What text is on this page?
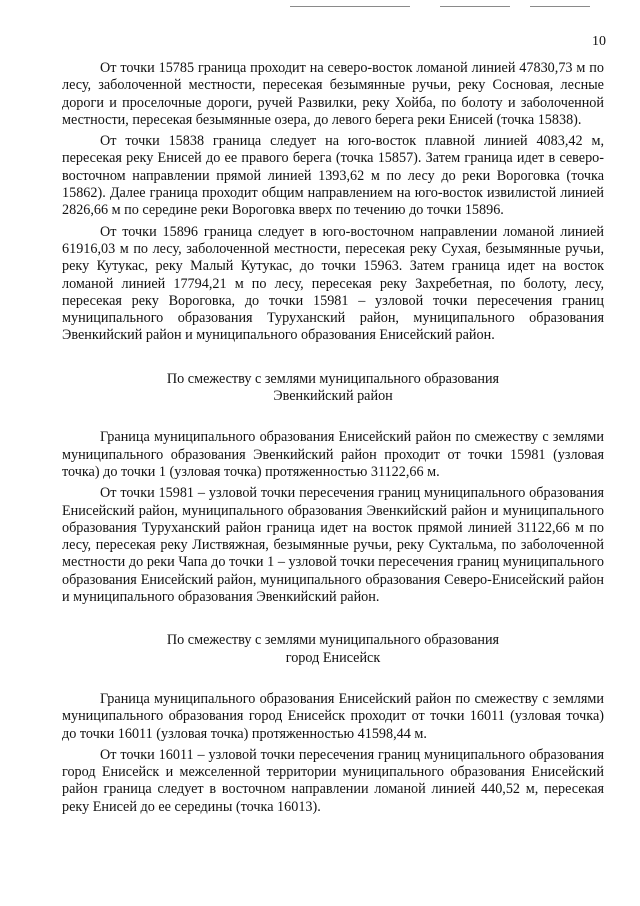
10

От точки 15785 граница проходит на северо-восток ломаной линией 47830,73 м по лесу, заболоченной местности, пересекая безымянные ручьи, реку Сосновая, лесные дороги и проселочные дороги, ручей Развилки, реку Хойба, по болоту и заболоченной местности, пересекая безымянные озера, до левого берега реки Енисей (точка 15838).

От точки 15838 граница следует на юго-восток плавной линией 4083,42 м, пересекая реку Енисей до ее правого берега (точка 15857). Затем граница идет в северо-восточном направлении прямой линией 1393,62 м по лесу до реки Вороговка (точка 15862). Далее граница проходит общим направлением на юго-восток извилистой линией 2826,66 м по середине реки Вороговка вверх по течению до точки 15896.

От точки 15896 граница следует в юго-восточном направлении ломаной линией 61916,03 м по лесу, заболоченной местности, пересекая реку Сухая, безымянные ручьи, реку Кутукас, реку Малый Кутукас, до точки 15963. Затем граница идет на восток ломаной линией 17794,21 м по лесу, пересекая реку Захребетная, по болоту, лесу, пересекая реку Вороговка, до точки 15981 – узловой точки пересечения границ муниципального образования Туруханский район, муниципального образования Эвенкийский район и муниципального образования Енисейский район.

По смежеству с землями муниципального образования
Эвенкийский район

Граница муниципального образования Енисейский район по смежеству с землями муниципального образования Эвенкийский район проходит от точки 15981 (узловая точка) до точки 1 (узловая точка) протяженностью 31122,66 м.

От точки 15981 – узловой точки пересечения границ муниципального образования Енисейский район, муниципального образования Эвенкийский район и муниципального образования Туруханский район граница идет на восток прямой линией 31122,66 м по лесу, пересекая реку Листвяжная, безымянные ручьи, реку Суктальма, по заболоченной местности до реки Чапа до точки 1 – узловой точки пересечения границ муниципального образования Енисейский район, муниципального образования Северо-Енисейский район и муниципального образования Эвенкийский район.

По смежеству с землями муниципального образования
город Енисейск

Граница муниципального образования Енисейский район по смежеству с землями муниципального образования город Енисейск проходит от точки 16011 (узловая точка) до точки 16011 (узловая точка) протяженностью 41598,44 м.

От точки 16011 – узловой точки пересечения границ муниципального образования город Енисейск и межселенной территории муниципального образования Енисейский район граница следует в восточном направлении ломаной линией 440,52 м, пересекая реку Енисей до ее середины (точка 16013).
